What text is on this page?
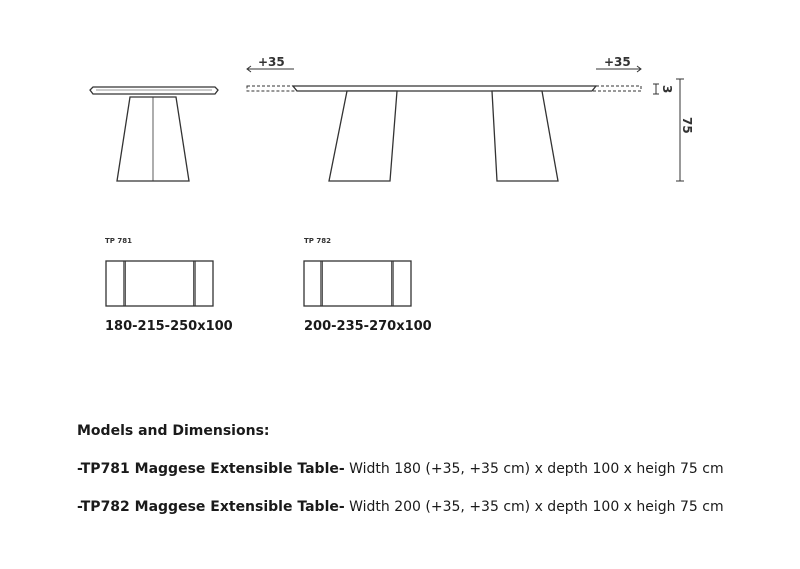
+35	+35
3
75
TP 781
180-215-250x100
TP 782
200-235-270x100
Models and Dimensions:
-TP781 Maggese Extensible Table- Width 180 (+35, +35 cm) x depth 100 x heigh 75 cm
-TP782 Maggese Extensible Table- Width 200 (+35, +35 cm) x depth 100 x heigh 75 cm
